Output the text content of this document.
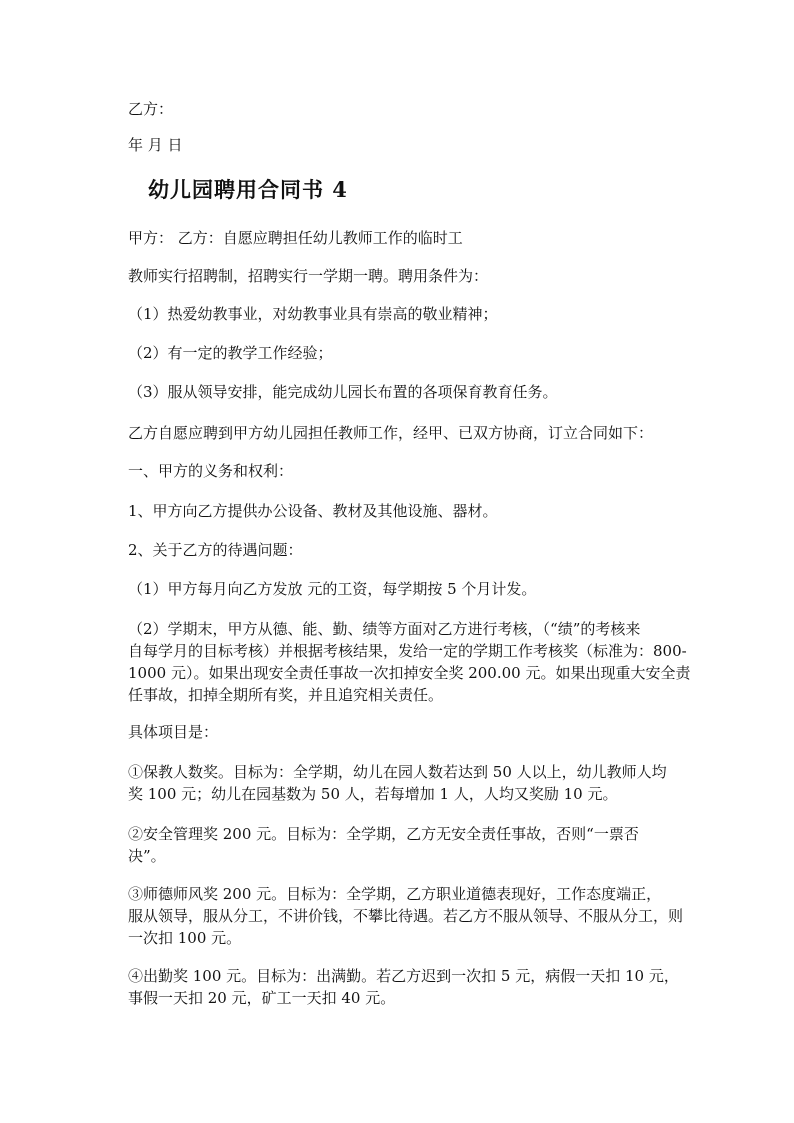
乙方：
年 月 日
幼儿园聘用合同书 4
甲方： 乙方：自愿应聘担任幼儿教师工作的临时工
教师实行招聘制，招聘实行一学期一聘。聘用条件为：
（1）热爱幼教事业，对幼教事业具有崇高的敬业精神；
（2）有一定的教学工作经验；
（3）服从领导安排，能完成幼儿园长布置的各项保育教育任务。
乙方自愿应聘到甲方幼儿园担任教师工作，经甲、已双方协商，订立合同如下：
一、甲方的义务和权利：
1、甲方向乙方提供办公设备、教材及其他设施、器材。
2、关于乙方的待遇问题：
（1）甲方每月向乙方发放 元的工资，每学期按 5 个月计发。
（2）学期末，甲方从德、能、勤、绩等方面对乙方进行考核，（“绩”的考核来
自每学月的目标考核）并根据考核结果，发给一定的学期工作考核奖（标准为：800-
1000 元）。如果出现安全责任事故一次扣掉安全奖 200.00 元。如果出现重大安全责
任事故，扣掉全期所有奖，并且追究相关责任。
具体项目是：
①保教人数奖。目标为：全学期，幼儿在园人数若达到 50 人以上，幼儿教师人均
奖 100 元；幼儿在园基数为 50 人，若每增加 1 人，人均又奖励 10 元。
②安全管理奖 200 元。目标为：全学期，乙方无安全责任事故，否则“一票否
决”。
③师德师风奖 200 元。目标为：全学期，乙方职业道德表现好，工作态度端正，
服从领导，服从分工，不讲价钱，不攀比待遇。若乙方不服从领导、不服从分工，则
一次扣 100 元。
④出勤奖 100 元。目标为：出满勤。若乙方迟到一次扣 5 元，病假一天扣 10 元，
事假一天扣 20 元，矿工一天扣 40 元。
